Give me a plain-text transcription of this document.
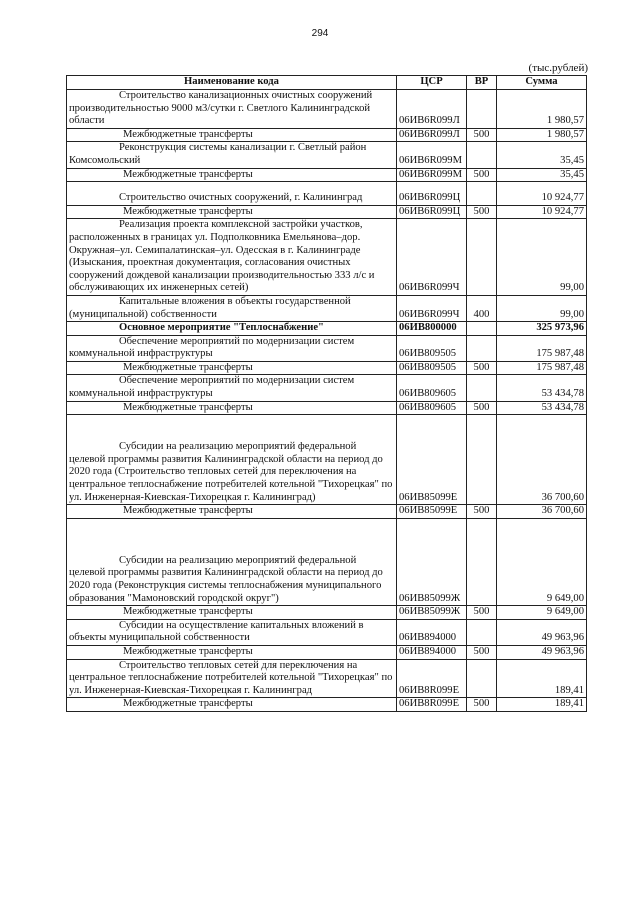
294
(тыс.рублей)
Наименование кода	ЦСР	ВР	Сумма
Строительство канализационных очистных сооружений производительностью 9000 м3/сутки г. Светлого Калининградской области	06ИВ6R099Л		1 980,57
Межбюджетные трансферты	06ИВ6R099Л	500	1 980,57
Реконструкция системы канализации г. Светлый район Комсомольский	06ИВ6R099М		35,45
Межбюджетные трансферты	06ИВ6R099М	500	35,45
Строительство очистных сооружений, г. Калининград	06ИВ6R099Ц		10 924,77
Межбюджетные трансферты	06ИВ6R099Ц	500	10 924,77
Реализация проекта комплексной застройки участков, расположенных в границах ул. Подполковника Емельянова–дор. Окружная–ул. Семипалатинская–ул. Одесская в г. Калининграде (Изыскания, проектная документация, согласования очистных сооружений дождевой канализации производительностью 333 л/с и обслуживающих их инженерных сетей)	06ИВ6R099Ч		99,00
Капитальные вложения в объекты государственной (муниципальной) собственности	06ИВ6R099Ч	400	99,00
Основное мероприятие "Теплоснабжение"	06ИВ800000		325 973,96
Обеспечение мероприятий по модернизации систем коммунальной инфраструктуры	06ИВ809505		175 987,48
Межбюджетные трансферты	06ИВ809505	500	175 987,48
Обеспечение мероприятий по модернизации систем коммунальной инфраструктуры	06ИВ809605		53 434,78
Межбюджетные трансферты	06ИВ809605	500	53 434,78
Субсидии на реализацию мероприятий федеральной целевой программы развития Калининградской области на период до 2020 года (Строительство тепловых сетей для переключения на центральное теплоснабжение потребителей котельной "Тихорецкая" по ул. Инженерная-Киевская-Тихорецкая г. Калининград)	06ИВ85099Е		36 700,60
Межбюджетные трансферты	06ИВ85099Е	500	36 700,60
Субсидии на реализацию мероприятий федеральной целевой программы развития Калининградской области на период до 2020 года (Реконструкция системы теплоснабжения муниципального образования "Мамоновский городской округ")	06ИВ85099Ж		9 649,00
Межбюджетные трансферты	06ИВ85099Ж	500	9 649,00
Субсидии на осуществление капитальных вложений в объекты муниципальной собственности	06ИВ894000		49 963,96
Межбюджетные трансферты	06ИВ894000	500	49 963,96
Строительство тепловых сетей для переключения на центральное теплоснабжение потребителей котельной "Тихорецкая" по ул. Инженерная-Киевская-Тихорецкая г. Калининград	06ИВ8R099Е		189,41
Межбюджетные трансферты	06ИВ8R099Е	500	189,41
